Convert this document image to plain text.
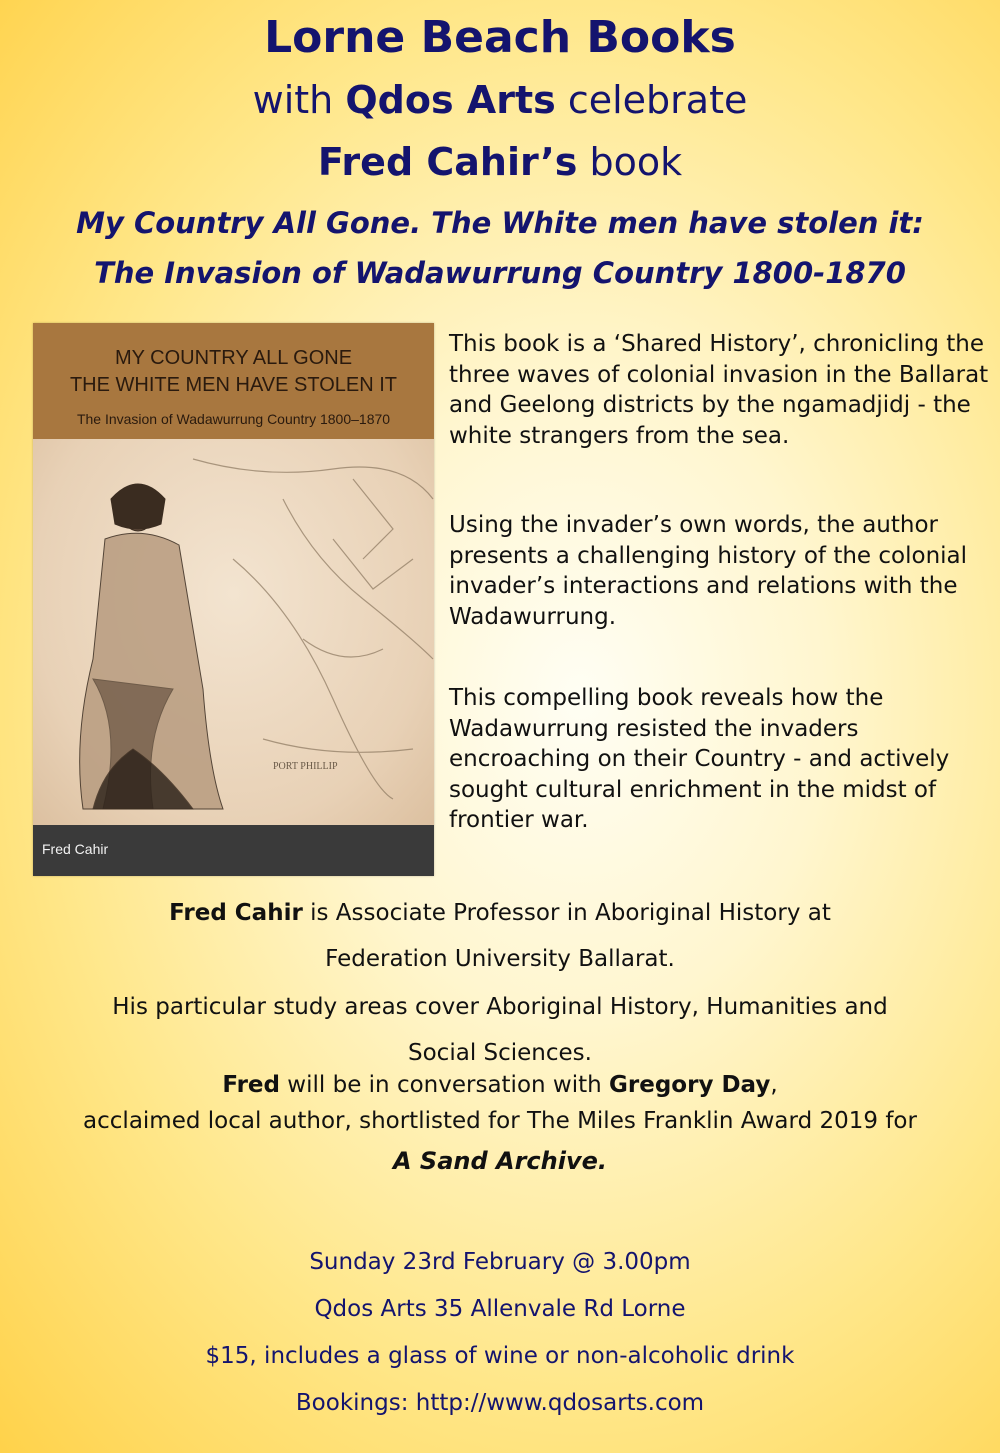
Lorne Beach Books
with Qdos Arts celebrate
Fred Cahir’s book
My Country All Gone. The White men have stolen it:
The Invasion of Wadawurrung Country 1800-1870
MY COUNTRY ALL GONE
THE WHITE MEN HAVE STOLEN IT
The Invasion of Wadawurrung Country 1800–1870
PORT PHILLIP
Fred Cahir
This book is a ‘Shared History’, chronicling the three waves of colonial invasion in the Ballarat and Geelong districts by the ngamadjidj - the white strangers from the sea.
Using the invader’s own words, the author presents a challenging history of the colonial invader’s interactions and relations with the Wadawurrung.
This compelling book reveals how the Wadawurrung resisted the invaders encroaching on their Country - and actively sought cultural enrichment in the midst of frontier war.
Fred Cahir is Associate Professor in Aboriginal History at
Federation University Ballarat.
His particular study areas cover Aboriginal History, Humanities and
Social Sciences.
Fred will be in conversation with Gregory Day,
acclaimed local author, shortlisted for The Miles Franklin Award 2019 for
A Sand Archive.
Sunday 23rd February @ 3.00pm
Qdos Arts 35 Allenvale Rd Lorne
$15, includes a glass of wine or non-alcoholic drink
Bookings: http://www.qdosarts.com
